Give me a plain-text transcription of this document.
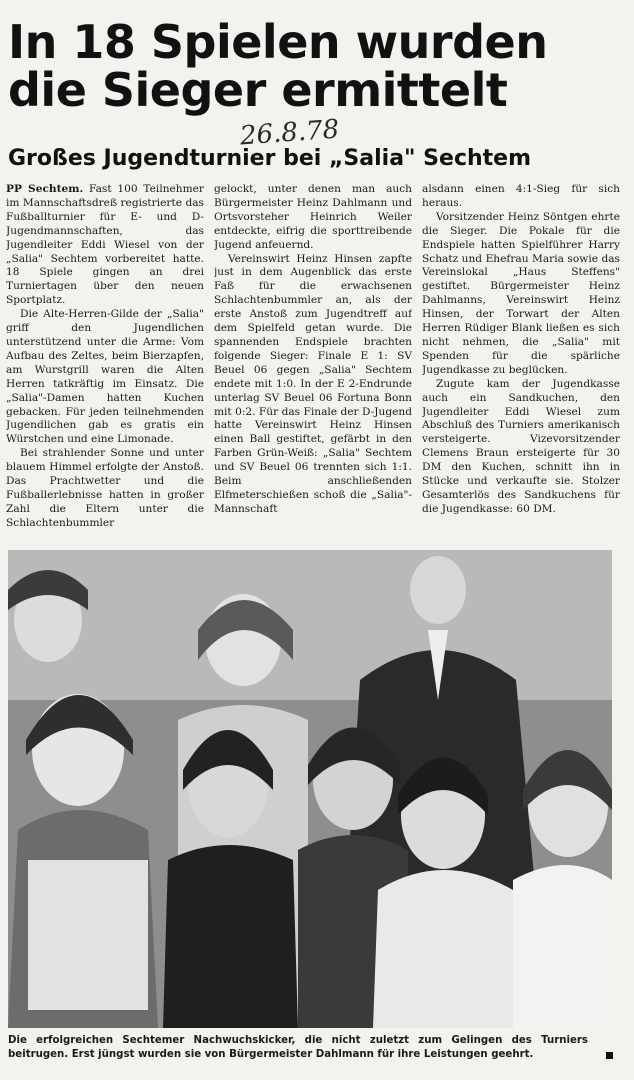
In 18 Spielen wurden die Sieger ermittelt
26.8.78
Großes Jugendturnier bei „Salia" Sechtem

PP Sechtem. Fast 100 Teilnehmer im Mannschaftsdreß registrierte das Fußballturnier für E- und D-Jugendmannschaften, das Jugendleiter Eddi Wiesel von der „Salia" Sechtem vorbereitet hatte. 18 Spiele gingen an drei Turniertagen über den neuen Sportplatz.

Die Alte-Herren-Gilde der „Salia" griff den Jugendlichen unterstützend unter die Arme: Vom Aufbau des Zeltes, beim Bierzapfen, am Wurstgrill waren die Alten Herren tatkräftig im Einsatz. Die „Salia"-Damen hatten Kuchen gebacken. Für jeden teilnehmenden Jugendlichen gab es gratis ein Würstchen und eine Limonade.

Bei strahlender Sonne und unter blauem Himmel erfolgte der Anstoß. Das Prachtwetter und die Fußballerlebnisse hatten in großer Zahl die Eltern unter die Schlachtenbummler

gelockt, unter denen man auch Bürgermeister Heinz Dahlmann und Ortsvorsteher Heinrich Weiler entdeckte, eifrig die sporttreibende Jugend anfeuernd.

Vereinswirt Heinz Hinsen zapfte just in dem Augenblick das erste Faß für die erwachsenen Schlachtenbummler an, als der erste Anstoß zum Jugendtreff auf dem Spielfeld getan wurde. Die spannenden Endspiele brachten folgende Sieger: Finale E 1: SV Beuel 06 gegen „Salia" Sechtem endete mit 1:0. In der E 2-Endrunde unterlag SV Beuel 06 Fortuna Bonn mit 0:2. Für das Finale der D-Jugend hatte Vereinswirt Heinz Hinsen einen Ball gestiftet, gefärbt in den Farben Grün-Weiß: „Salia" Sechtem und SV Beuel 06 trennten sich 1:1. Beim anschließenden Elfmeterschießen schoß die „Salia"-Mannschaft

alsdann einen 4:1-Sieg für sich heraus.

Vorsitzender Heinz Söntgen ehrte die Sieger. Die Pokale für die Endspiele hatten Spielführer Harry Schatz und Ehefrau Maria sowie das Vereinslokal „Haus Steffens" gestiftet. Bürgermeister Heinz Dahlmanns, Vereinswirt Heinz Hinsen, der Torwart der Alten Herren Rüdiger Blank ließen es sich nicht nehmen, die „Salia" mit Spenden für die spärliche Jugendkasse zu beglücken.

Zugute kam der Jugendkasse auch ein Sandkuchen, den Jugendleiter Eddi Wiesel zum Abschluß des Turniers amerikanisch versteigerte. Vizevorsitzender Clemens Braun ersteigerte für 30 DM den Kuchen, schnitt ihn in Stücke und verkaufte sie. Stolzer Gesamterlös des Sandkuchens für die Jugendkasse: 60 DM.

Die erfolgreichen Sechtemer Nachwuchskicker, die nicht zuletzt zum Gelingen des Turniers beitrugen. Erst jüngst wurden sie von Bürgermeister Dahlmann für ihre Leistungen geehrt.
